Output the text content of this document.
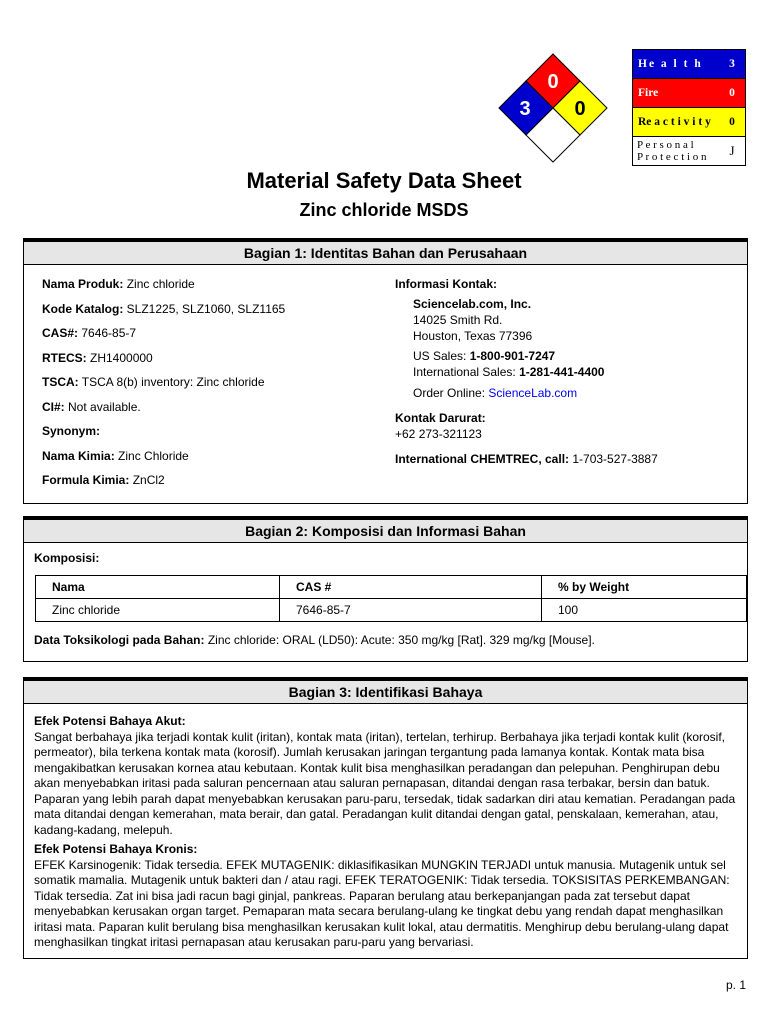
0
3 0
He a l t h	3
Fire	0
Re a c t i v i t y	0
P e r s o n a l
P r o t e c t i o n	J
Material Safety Data Sheet
Zinc chloride MSDS
Bagian 1: Identitas Bahan dan Perusahaan
Nama Produk: Zinc chloride
Kode Katalog: SLZ1225, SLZ1060, SLZ1165
CAS#: 7646-85-7
RTECS: ZH1400000
TSCA: TSCA 8(b) inventory: Zinc chloride
CI#: Not available.
Synonym:
Nama Kimia: Zinc Chloride
Formula Kimia: ZnCl2
Informasi Kontak:
Sciencelab.com, Inc.
14025 Smith Rd.
Houston, Texas 77396
US Sales: 1-800-901-7247
International Sales: 1-281-441-4400
Order Online: ScienceLab.com
Kontak Darurat:
+62 273-321123
International CHEMTREC, call: 1-703-527-3887
Bagian 2: Komposisi dan Informasi Bahan
Komposisi:
Nama	CAS #	% by Weight
Zinc chloride	7646-85-7	100
Data Toksikologi pada Bahan: Zinc chloride: ORAL (LD50): Acute: 350 mg/kg [Rat]. 329 mg/kg [Mouse].
Bagian 3: Identifikasi Bahaya
Efek Potensi Bahaya Akut:
Sangat berbahaya jika terjadi kontak kulit (iritan), kontak mata (iritan), tertelan, terhirup. Berbahaya jika terjadi kontak kulit (korosif, permeator), bila terkena kontak mata (korosif). Jumlah kerusakan jaringan tergantung pada lamanya kontak. Kontak mata bisa mengakibatkan kerusakan kornea atau kebutaan. Kontak kulit bisa menghasilkan peradangan dan pelepuhan. Penghirupan debu akan menyebabkan iritasi pada saluran pencernaan atau saluran pernapasan, ditandai dengan rasa terbakar, bersin dan batuk. Paparan yang lebih parah dapat menyebabkan kerusakan paru-paru, tersedak, tidak sadarkan diri atau kematian. Peradangan pada mata ditandai dengan kemerahan, mata berair, dan gatal. Peradangan kulit ditandai dengan gatal, penskalaan, kemerahan, atau, kadang-kadang, melepuh.
Efek Potensi Bahaya Kronis:
EFEK Karsinogenik: Tidak tersedia. EFEK MUTAGENIK: diklasifikasikan MUNGKIN TERJADI untuk manusia. Mutagenik untuk sel somatik mamalia. Mutagenik untuk bakteri dan / atau ragi. EFEK TERATOGENIK: Tidak tersedia. TOKSISITAS PERKEMBANGAN: Tidak tersedia. Zat ini bisa jadi racun bagi ginjal, pankreas. Paparan berulang atau berkepanjangan pada zat tersebut dapat menyebabkan kerusakan organ target. Pemaparan mata secara berulang-ulang ke tingkat debu yang rendah dapat menghasilkan iritasi mata. Paparan kulit berulang bisa menghasilkan kerusakan kulit lokal, atau dermatitis. Menghirup debu berulang-ulang dapat menghasilkan tingkat iritasi pernapasan atau kerusakan paru-paru yang bervariasi.
p. 1
